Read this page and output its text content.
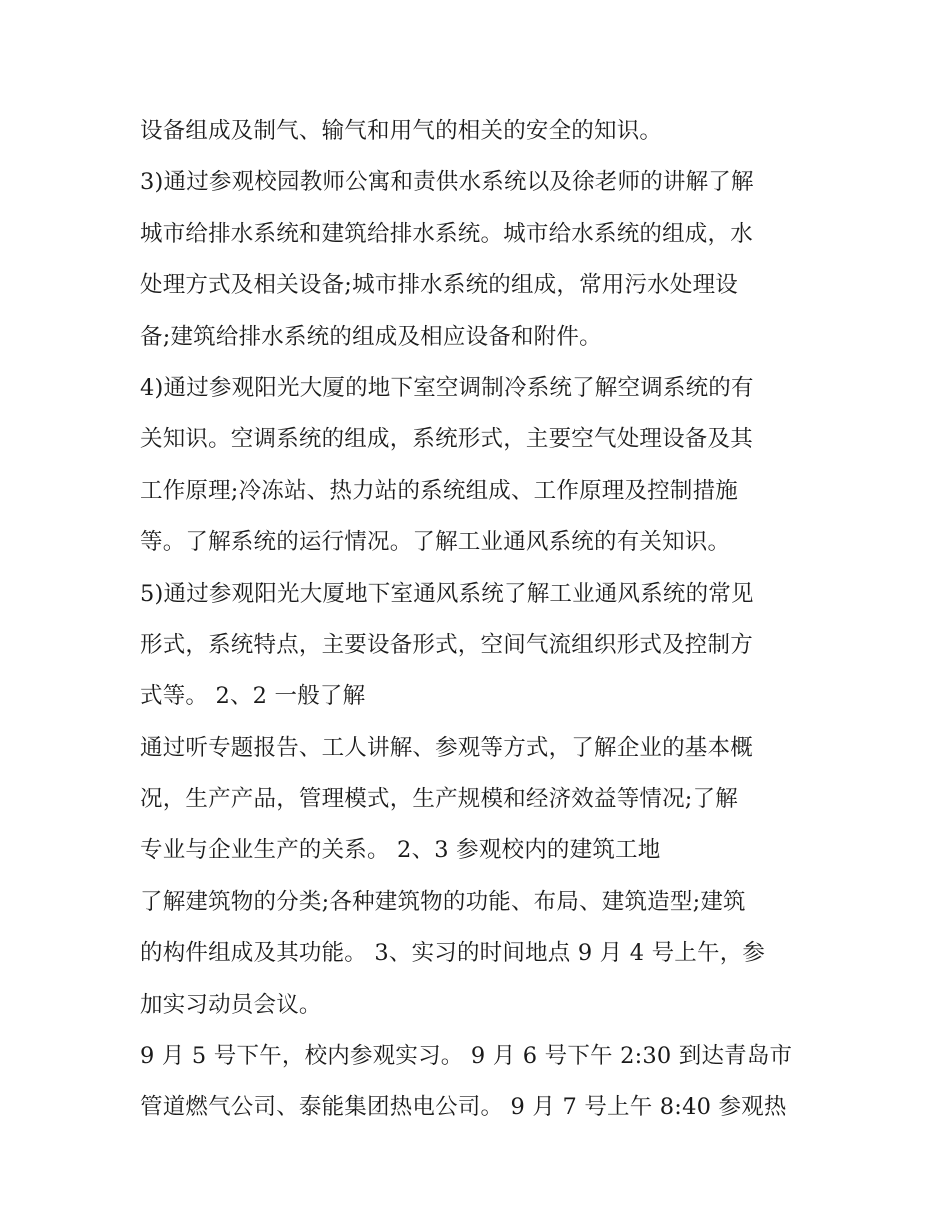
设备组成及制气、输气和用气的相关的安全的知识。
3)通过参观校园教师公寓和责供水系统以及徐老师的讲解了解
城市给排水系统和建筑给排水系统。城市给水系统的组成，水
处理方式及相关设备;城市排水系统的组成，常用污水处理设
备;建筑给排水系统的组成及相应设备和附件。
4)通过参观阳光大厦的地下室空调制冷系统了解空调系统的有
关知识。空调系统的组成，系统形式，主要空气处理设备及其
工作原理;冷冻站、热力站的系统组成、工作原理及控制措施
等。了解系统的运行情况。了解工业通风系统的有关知识。
5)通过参观阳光大厦地下室通风系统了解工业通风系统的常见
形式，系统特点，主要设备形式，空间气流组织形式及控制方
式等。 2、2 一般了解
通过听专题报告、工人讲解、参观等方式，了解企业的基本概
况，生产产品，管理模式，生产规模和经济效益等情况;了解
专业与企业生产的关系。 2、3 参观校内的建筑工地
了解建筑物的分类;各种建筑物的功能、布局、建筑造型;建筑
的构件组成及其功能。 3、实习的时间地点 9 月 4 号上午，参
加实习动员会议。
9 月 5 号下午，校内参观实习。 9 月 6 号下午 2:30 到达青岛市
管道燃气公司、泰能集团热电公司。 9 月 7 号上午 8:40 参观热
